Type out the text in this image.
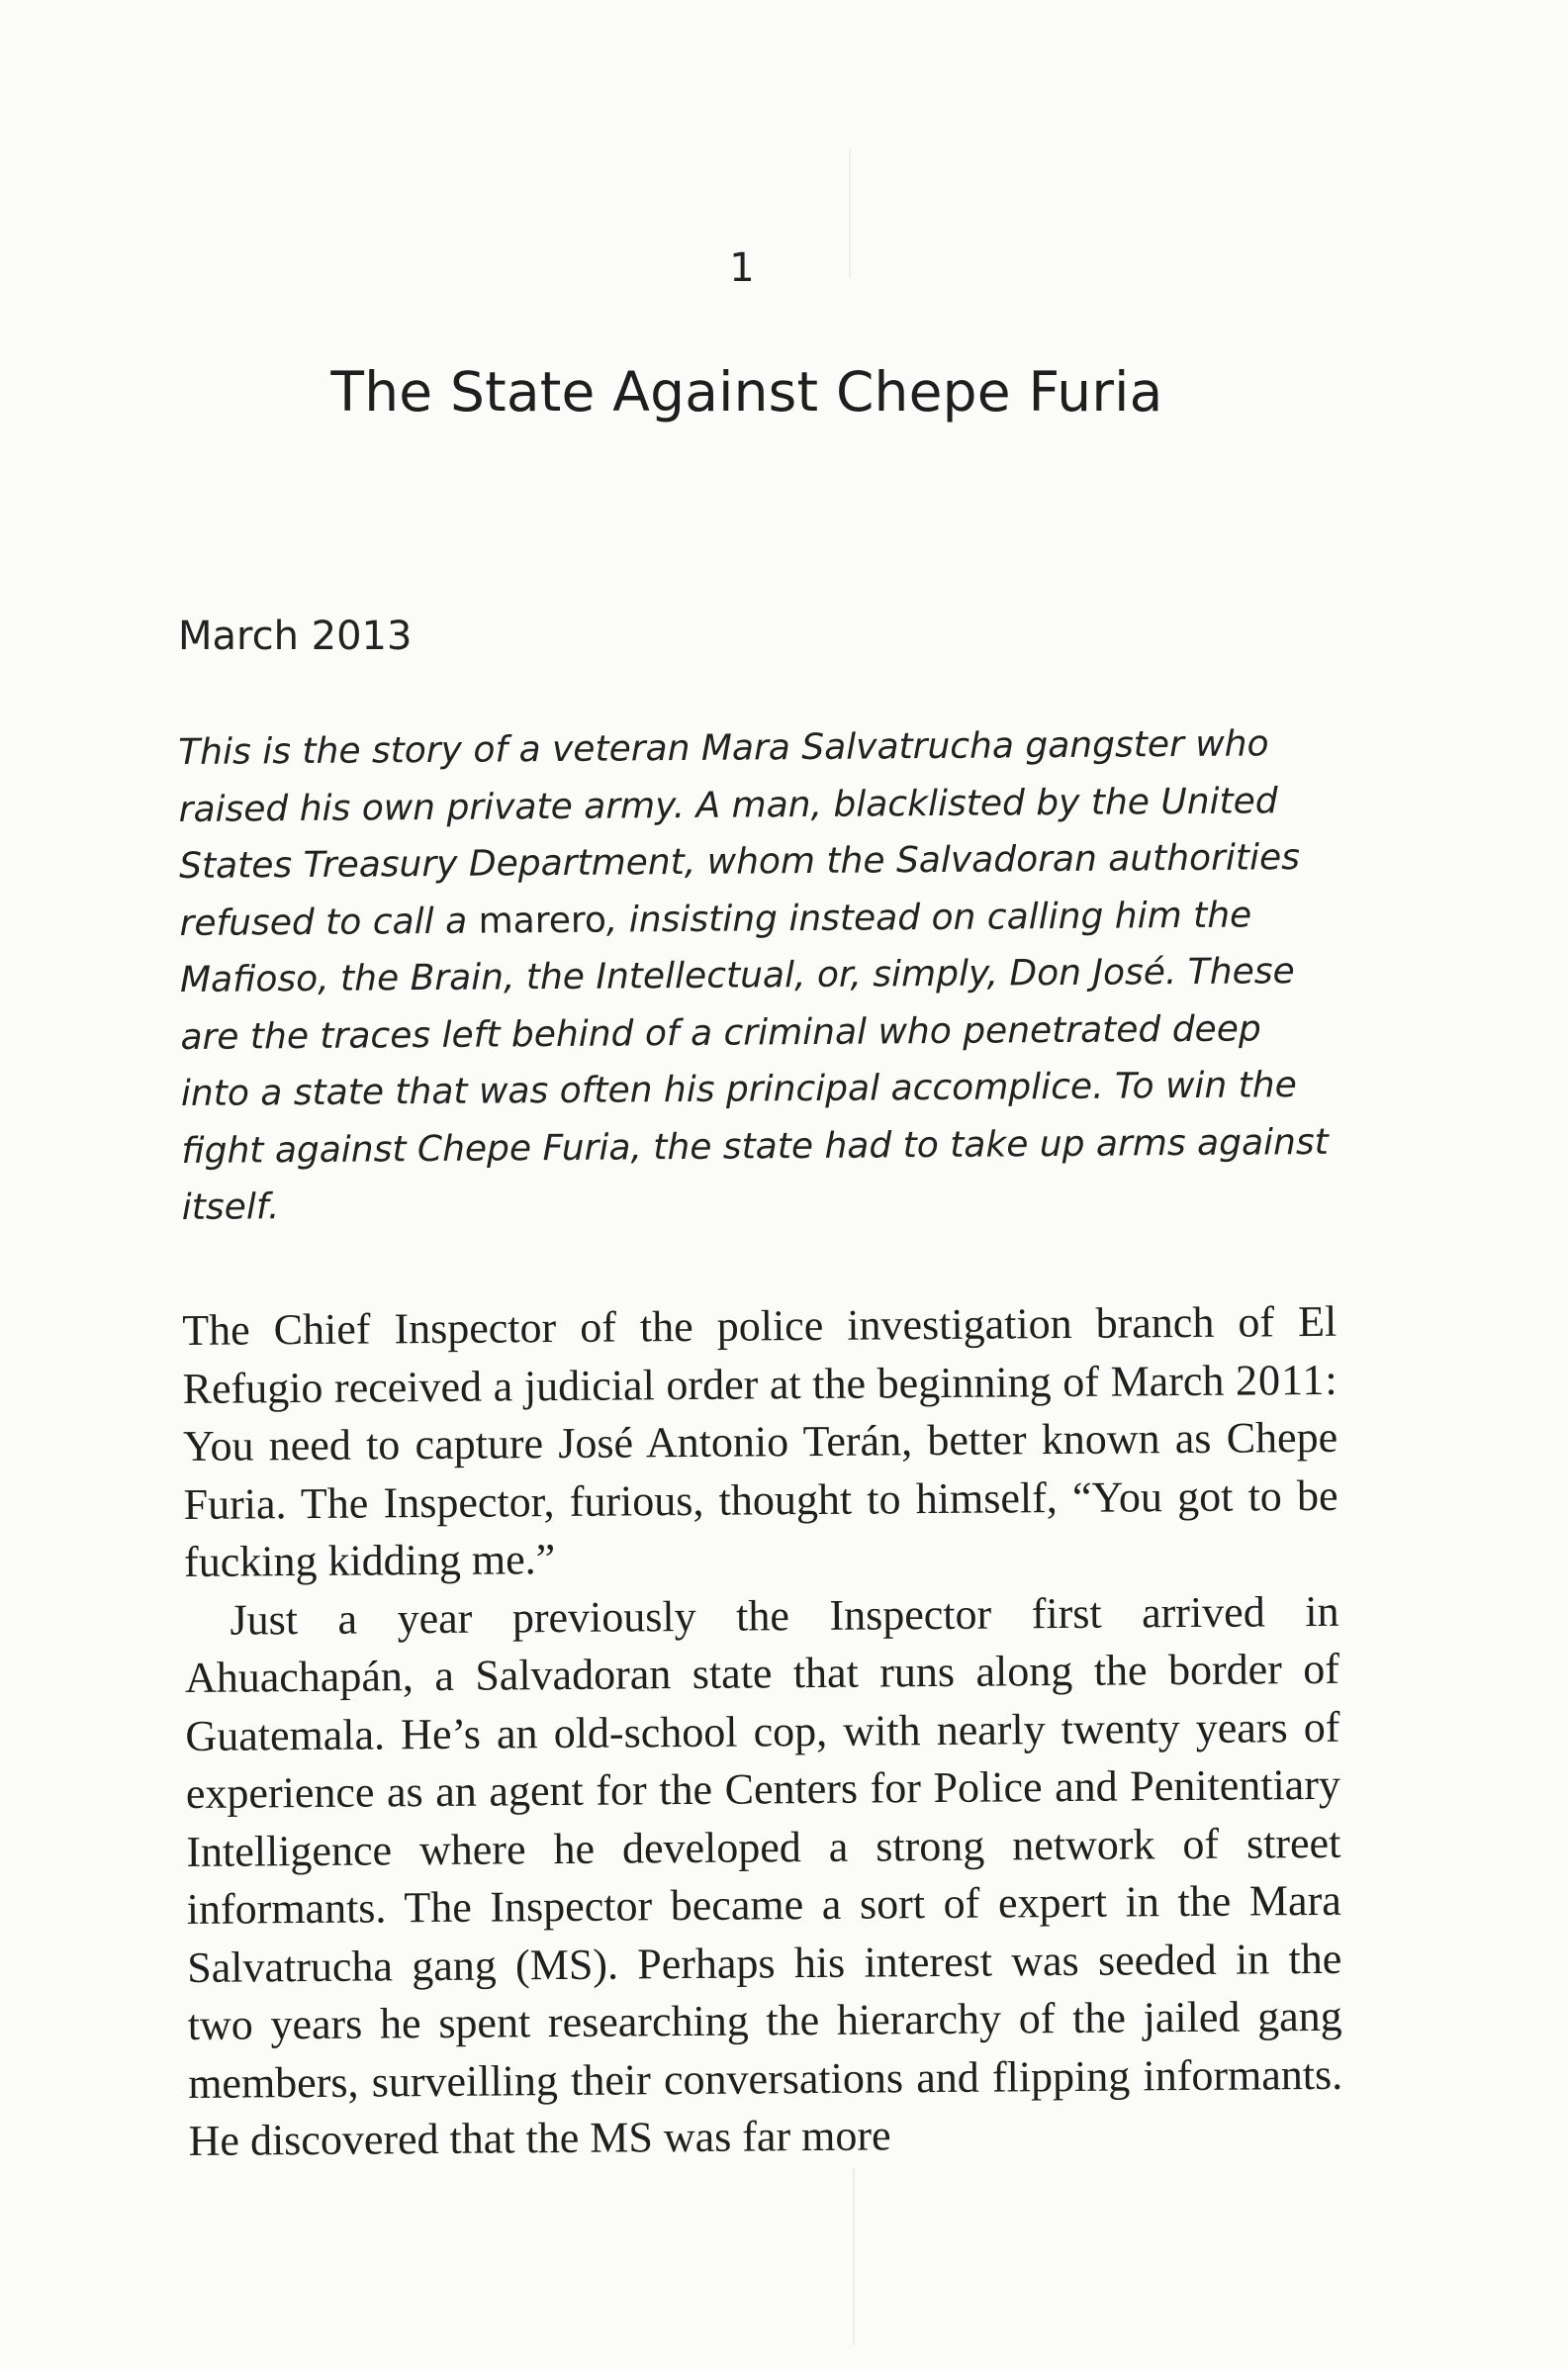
1
The State Against Chepe Furia
March 2013
This is the story of a veteran Mara Salvatrucha gangster who raised his own private army. A man, blacklisted by the United States Treasury Department, whom the Salvadoran authorities refused to call a marero, insisting instead on calling him the Mafioso, the Brain, the Intellectual, or, simply, Don José. These are the traces left behind of a criminal who penetrated deep into a state that was often his principal accomplice. To win the fight against Chepe Furia, the state had to take up arms against itself.

The Chief Inspector of the police investigation branch of El Refugio received a judicial order at the beginning of March 2011: You need to capture José Antonio Terán, better known as Chepe Furia. The Inspector, furious, thought to himself, “You got to be fucking kidding me.”

Just a year previously the Inspector first arrived in Ahuachapán, a Salvadoran state that runs along the border of Guatemala. He’s an old-school cop, with nearly twenty years of experience as an agent for the Centers for Police and Penitentiary Intelligence where he developed a strong network of street informants. The Inspector became a sort of expert in the Mara Salvatrucha gang (MS). Perhaps his interest was seeded in the two years he spent researching the hierarchy of the jailed gang members, surveilling their conversations and flipping informants. He discovered that the MS was far more
